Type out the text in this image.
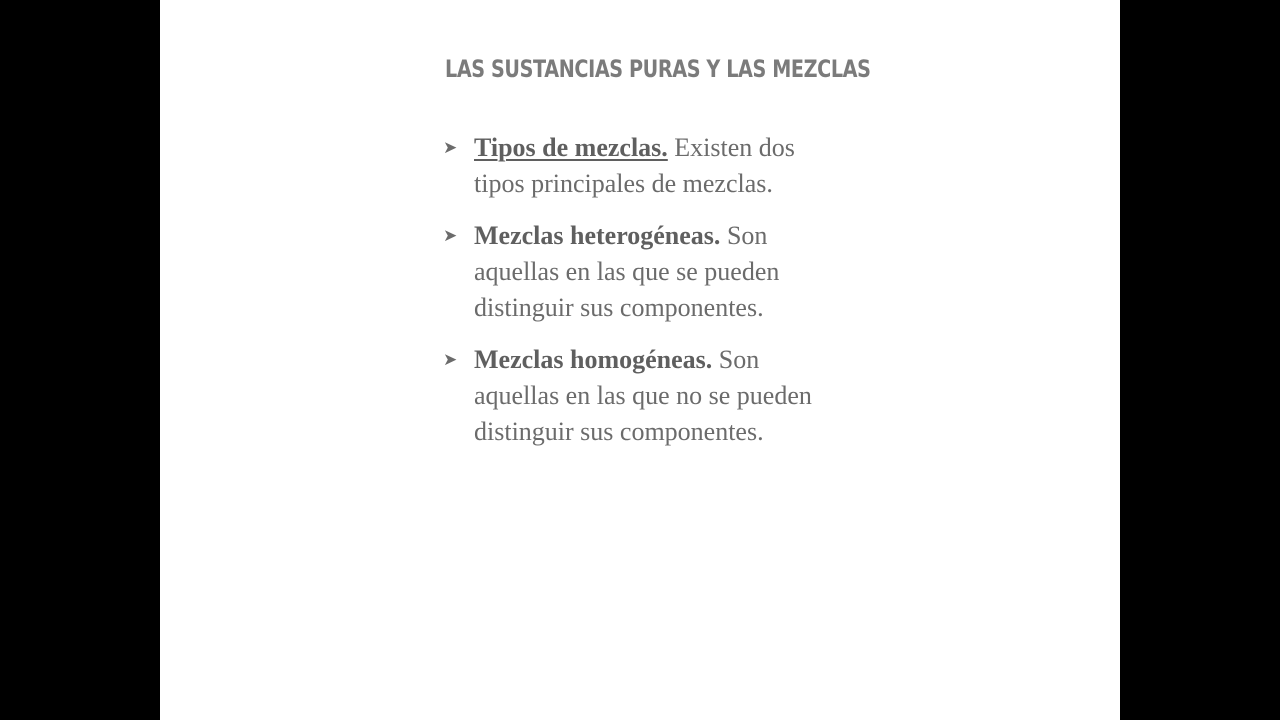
LAS SUSTANCIAS PURAS Y LAS MEZCLAS
➤ Tipos de mezclas. Existen dos tipos principales de mezclas.
➤ Mezclas heterogéneas. Son aquellas en las que se pueden distinguir sus componentes.
➤ Mezclas homogéneas. Son aquellas en las que no se pueden distinguir sus componentes.
